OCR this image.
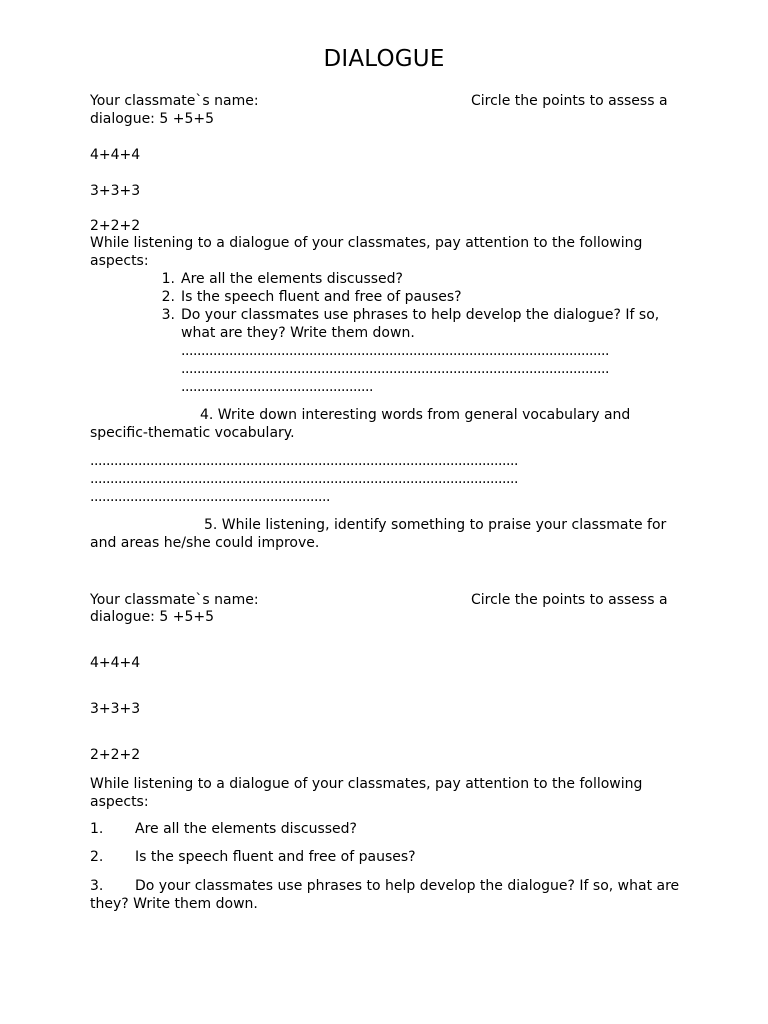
DIALOGUE
Your classmate`s name:	Circle the points to assess a
dialogue: 5 +5+5
4+4+4
3+3+3
2+2+2
While listening to a dialogue of your classmates, pay attention to the following aspects:
1. Are all the elements discussed?
2. Is the speech fluent and free of pauses?
3. Do your classmates use phrases to help develop the dialogue? If so, what are they? Write them down.
...........................................................................................................
...........................................................................................................
................................................
4. Write down interesting words from general vocabulary and specific-thematic vocabulary.
...........................................................................................................
...........................................................................................................
............................................................
5. While listening, identify something to praise your classmate for and areas he/she could improve.
Your classmate`s name:	Circle the points to assess a
dialogue: 5 +5+5
4+4+4
3+3+3
2+2+2
While listening to a dialogue of your classmates, pay attention to the following aspects:
1. Are all the elements discussed?
2. Is the speech fluent and free of pauses?
3.	Do your classmates use phrases to help develop the dialogue? If so, what are they? Write them down.
